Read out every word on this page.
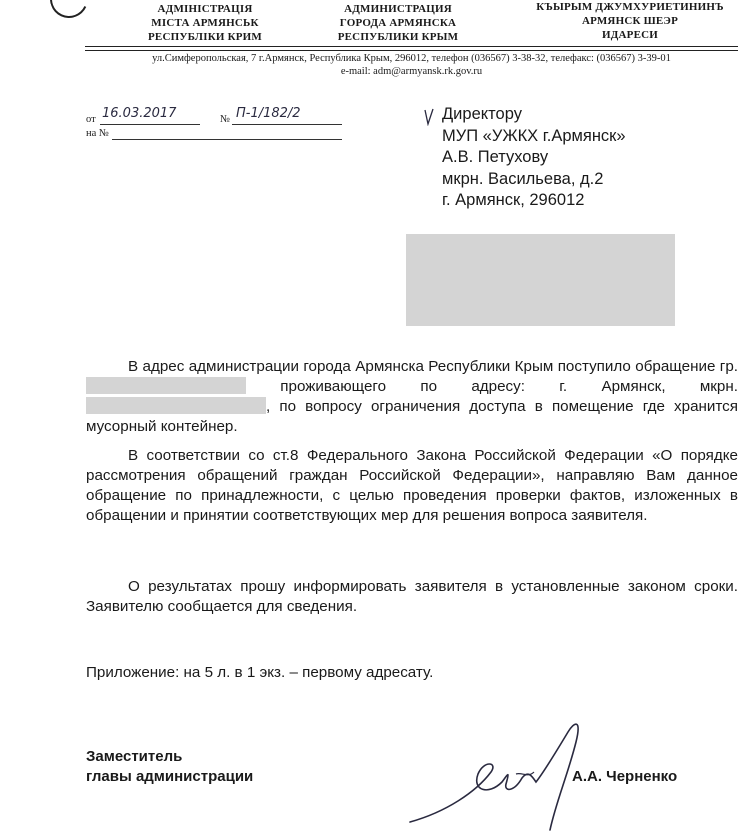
АДМІНІСТРАЦІЯ
МІСТА АРМЯНСЬК
РЕСПУБЛІКИ КРИМ
АДМИНИСТРАЦИЯ
ГОРОДА АРМЯНСКА
РЕСПУБЛИКИ КРЫМ
КЪЫРЫМ ДЖУМХУРИЕТИНИНЪ
АРМЯНСК ШЕЭР
ИДАРЕСИ
ул.Симферопольская, 7 г.Армянск, Республика Крым, 296012, телефон (036567) 3-38-32, телефакс: (036567) 3-39-01
e-mail: adm@armyansk.rk.gov.ru
от 16.03.2017	№ П-1/182/2
на №
Директору
МУП «УЖКХ г.Армянск»
А.В. Петухову
мкрн. Васильева, д.2
г. Армянск, 296012

В адрес администрации города Армянска Республики Крым поступило обращение гр.  проживающего по адресу: г. Армянск, мкрн. , по вопросу ограничения доступа в помещение где хранится мусорный контейнер.

В соответствии со ст.8 Федерального Закона Российской Федерации «О порядке рассмотрения обращений граждан Российской Федерации», направляю Вам данное обращение по принадлежности, с целью проведения проверки фактов, изложенных в обращении и принятии соответствующих мер для решения вопроса заявителя.

О результатах прошу информировать заявителя в установленные законом сроки. Заявителю сообщается для сведения.

Приложение: на 5 л. в 1 экз. – первому адресату.

Заместитель
главы администрации	А.А. Черненко
